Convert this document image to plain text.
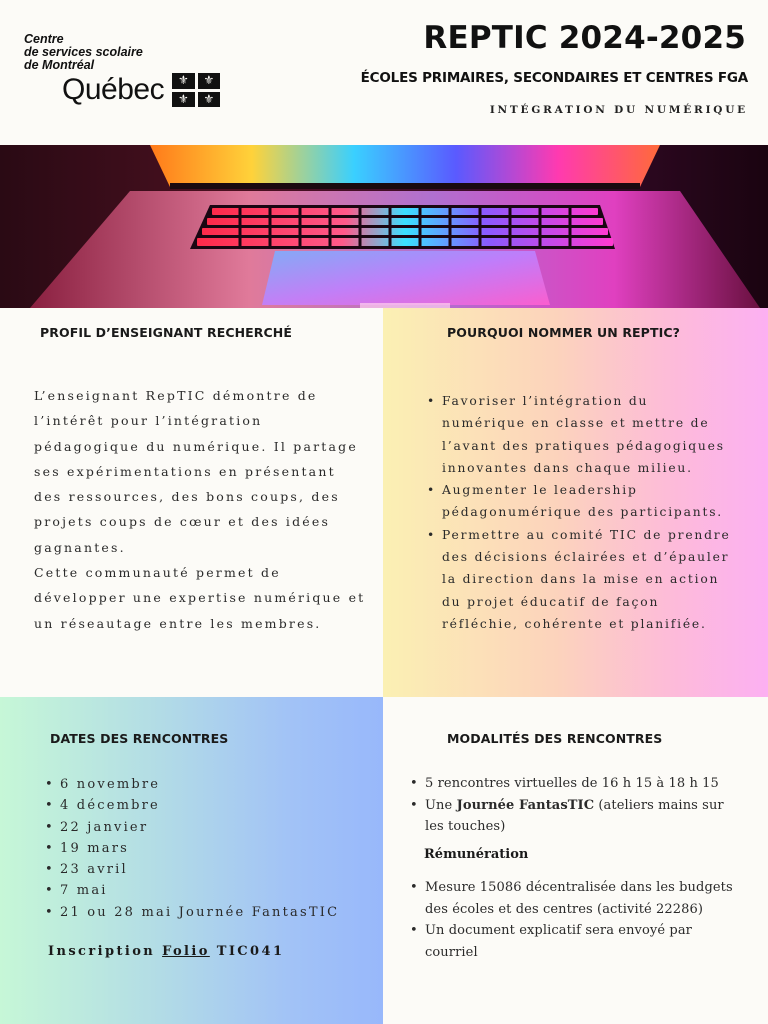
Centre
de services scolaire
de Montréal
Québec
⚜
⚜
⚜
⚜
REPTIC 2024-2025
ÉCOLES PRIMAIRES, SECONDAIRES ET CENTRES FGA
INTÉGRATION DU NUMÉRIQUE
PROFIL D’ENSEIGNANT RECHERCHÉ
L’enseignant RepTIC démontre de
l’intérêt pour l’intégration
pédagogique du numérique. Il partage
ses expérimentations en présentant
des ressources, des bons coups, des
projets coups de cœur et des idées
gagnantes.
Cette communauté permet de
développer une expertise numérique et
un réseautage entre les membres.
POURQUOI NOMMER UN REPTIC?
• Favoriser l’intégration du
numérique en classe et mettre de
l’avant des pratiques pédagogiques
innovantes dans chaque milieu.
• Augmenter le leadership
pédagonumérique des participants.
• Permettre au comité TIC de prendre
des décisions éclairées et d’épauler
la direction dans la mise en action
du projet éducatif de façon
réfléchie, cohérente et planifiée.
DATES DES RENCONTRES
• 6 novembre
• 4 décembre
• 22 janvier
• 19 mars
• 23 avril
• 7 mai
• 21 ou 28 mai Journée FantasTIC
Inscription Folio TIC041
MODALITÉS DES RENCONTRES
• 5 rencontres virtuelles de 16 h 15 à 18 h 15
• Une Journée FantasTIC (ateliers mains sur
les touches)
Rémunération
• Mesure 15086 décentralisée dans les budgets
des écoles et des centres (activité 22286)
• Un document explicatif sera envoyé par
courriel
